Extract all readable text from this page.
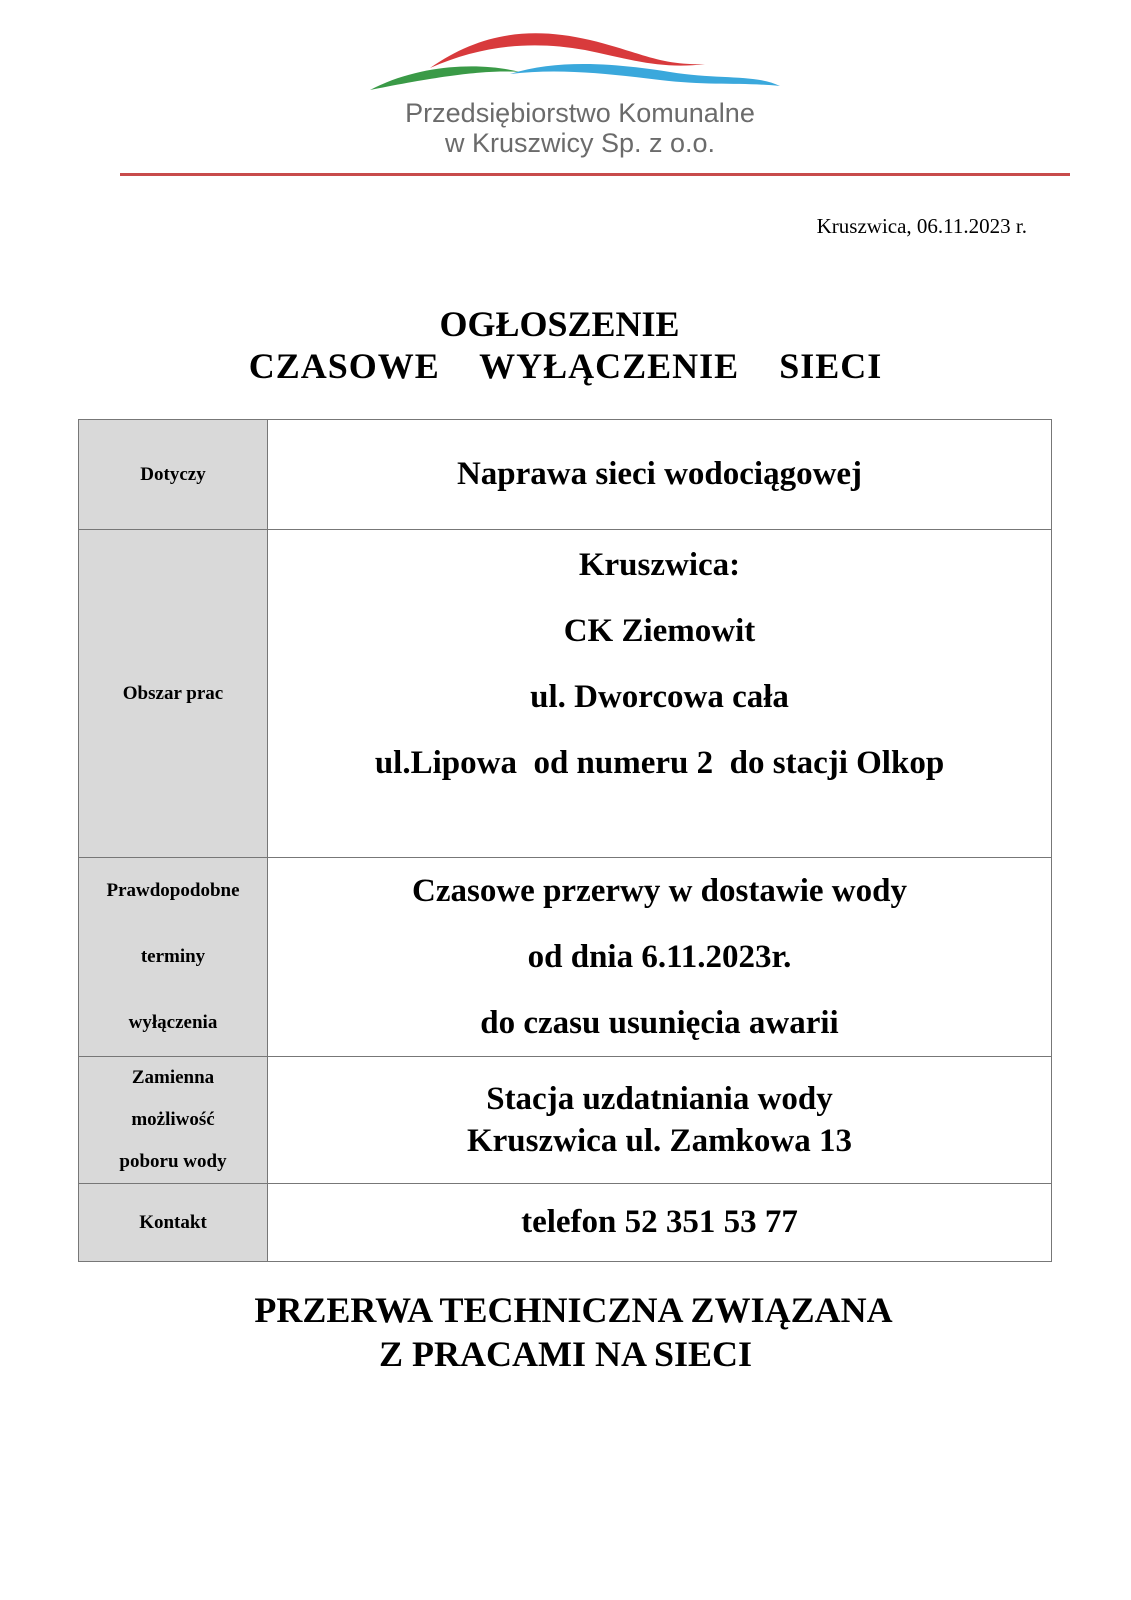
Przedsiębiorstwo Komunalne
w Kruszwicy Sp. z o.o.
Kruszwica, 06.11.2023 r.
OGŁOSZENIE
CZASOWE WYŁĄCZENIE SIECI
Dotyczy	Naprawa sieci wodociągowej

Obszar prac	Kruszwica:
CK Ziemowit
ul. Dworcowa cała
ul.Lipowa  od numeru 2  do stacji Olkop

Prawdopodobne
terminy
wyłączenia	Czasowe przerwy w dostawie wody
od dnia 6.11.2023r.
do czasu usunięcia awarii

Zamienna
możliwość
poboru wody	Stacja uzdatniania wody
Kruszwica ul. Zamkowa 13

Kontakt	telefon 52 351 53 77
PRZERWA TECHNICZNA ZWIĄZANA
Z PRACAMI NA SIECI
